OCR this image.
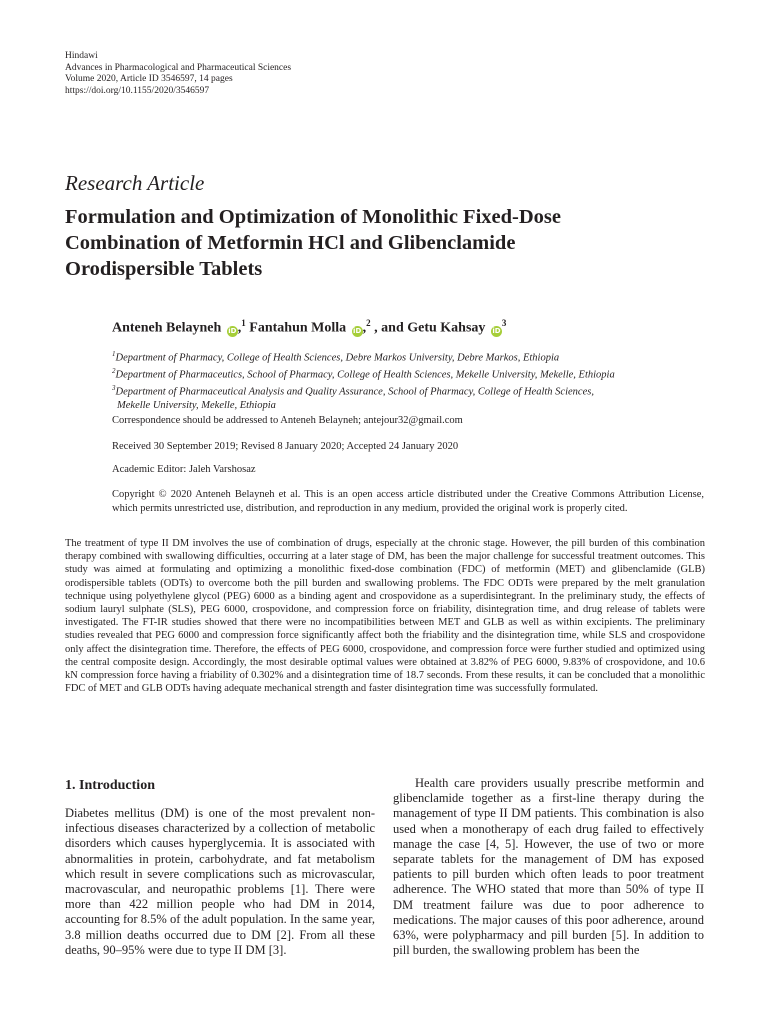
Hindawi
Advances in Pharmacological and Pharmaceutical Sciences
Volume 2020, Article ID 3546597, 14 pages
https://doi.org/10.1155/2020/3546597
Research Article
Formulation and Optimization of Monolithic Fixed-Dose
Combination of Metformin HCl and Glibenclamide
Orodispersible Tablets
Anteneh Belayneh iD,$^1$ Fantahun Molla iD,$^2$ , and Getu Kahsay $iD^3$
$^1$Department of Pharmacy, College of Health Sciences, Debre Markos University, Debre Markos, Ethiopia
$^2$Department of Pharmaceutics, School of Pharmacy, College of Health Sciences, Mekelle University, Mekelle, Ethiopia
$^3$Department of Pharmaceutical Analysis and Quality Assurance, School of Pharmacy, College of Health Sciences,
Mekelle University, Mekelle, Ethiopia
Correspondence should be addressed to Anteneh Belayneh; antejour32@gmail.com
Received 30 September 2019; Revised 8 January 2020; Accepted 24 January 2020
Academic Editor: Jaleh Varshosaz
Copyright © 2020 Anteneh Belayneh et al. This is an open access article distributed under the Creative Commons Attribution License, which permits unrestricted use, distribution, and reproduction in any medium, provided the original work is properly cited.
The treatment of type II DM involves the use of combination of drugs, especially at the chronic stage. However, the pill burden of this combination therapy combined with swallowing difficulties, occurring at a later stage of DM, has been the major challenge for successful treatment outcomes. This study was aimed at formulating and optimizing a monolithic fixed-dose combination (FDC) of metformin (MET) and glibenclamide (GLB) orodispersible tablets (ODTs) to overcome both the pill burden and swallowing problems. The FDC ODTs were prepared by the melt granulation technique using polyethylene glycol (PEG) 6000 as a binding agent and crospovidone as a superdisintegrant. In the preliminary study, the effects of sodium lauryl sulphate (SLS), PEG 6000, crospovidone, and compression force on friability, disintegration time, and drug release of tablets were investigated. The FT-IR studies showed that there were no incompatibilities between MET and GLB as well as within excipients. The preliminary studies revealed that PEG 6000 and compression force significantly affect both the friability and the disintegration time, while SLS and crospovidone only affect the disintegration time. Therefore, the effects of PEG 6000, crospovidone, and compression force were further studied and optimized using the central composite design. Accordingly, the most desirable optimal values were obtained at 3.82% of PEG 6000, 9.83% of crospovidone, and 10.6 kN compression force having a friability of 0.302% and a disintegration time of 18.7 seconds. From these results, it can be concluded that a monolithic FDC of MET and GLB ODTs having adequate mechanical strength and faster disintegration time was successfully formulated.
1. Introduction
Diabetes mellitus (DM) is one of the most prevalent non-infectious diseases characterized by a collection of metabolic disorders which causes hyperglycemia. It is associated with abnormalities in protein, carbohydrate, and fat metabolism which result in severe complications such as microvascular, macrovascular, and neuropathic problems [1]. There were more than 422 million people who had DM in 2014, accounting for 8.5% of the adult population. In the same year, 3.8 million deaths occurred due to DM [2]. From all these deaths, 90–95% were due to type II DM [3].
Health care providers usually prescribe metformin and glibenclamide together as a first-line therapy during the management of type II DM patients. This combination is also used when a monotherapy of each drug failed to effectively manage the case [4, 5]. However, the use of two or more separate tablets for the management of DM has exposed patients to pill burden which often leads to poor treatment adherence. The WHO stated that more than 50% of type II DM treatment failure was due to poor adherence to medications. The major causes of this poor adherence, around 63%, were polypharmacy and pill burden [5]. In addition to pill burden, the swallowing problem has been the
